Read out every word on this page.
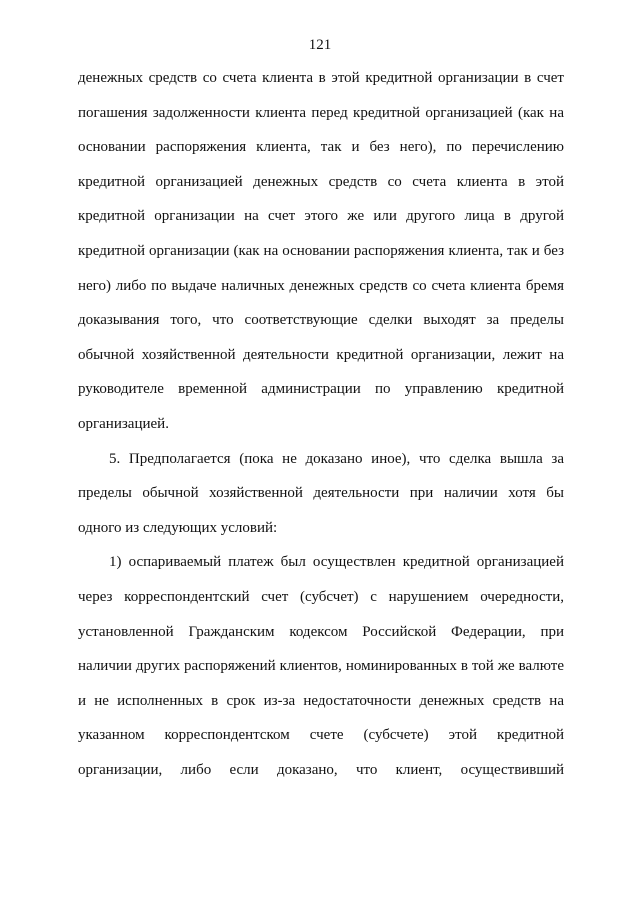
121
денежных средств со счета клиента в этой кредитной организации в счет
погашения задолженности клиента перед кредитной организацией (как на
основании распоряжения клиента, так и без него), по перечислению
кредитной организацией денежных средств со счета клиента в этой
кредитной организации на счет этого же или другого лица в другой
кредитной организации (как на основании распоряжения клиента, так и без
него) либо по выдаче наличных денежных средств со счета клиента бремя
доказывания того, что соответствующие сделки выходят за пределы
обычной хозяйственной деятельности кредитной организации, лежит на
руководителе временной администрации по управлению кредитной
организацией.
5. Предполагается (пока не доказано иное), что сделка вышла за
пределы обычной хозяйственной деятельности при наличии хотя бы
одного из следующих условий:
1) оспариваемый платеж был осуществлен кредитной организацией
через корреспондентский счет (субсчет) с нарушением очередности,
установленной Гражданским кодексом Российской Федерации, при
наличии других распоряжений клиентов, номинированных в той же валюте
и не исполненных в срок из-за недостаточности денежных средств на
указанном корреспондентском счете (субсчете) этой кредитной
организации, либо если доказано, что клиент, осуществивший
